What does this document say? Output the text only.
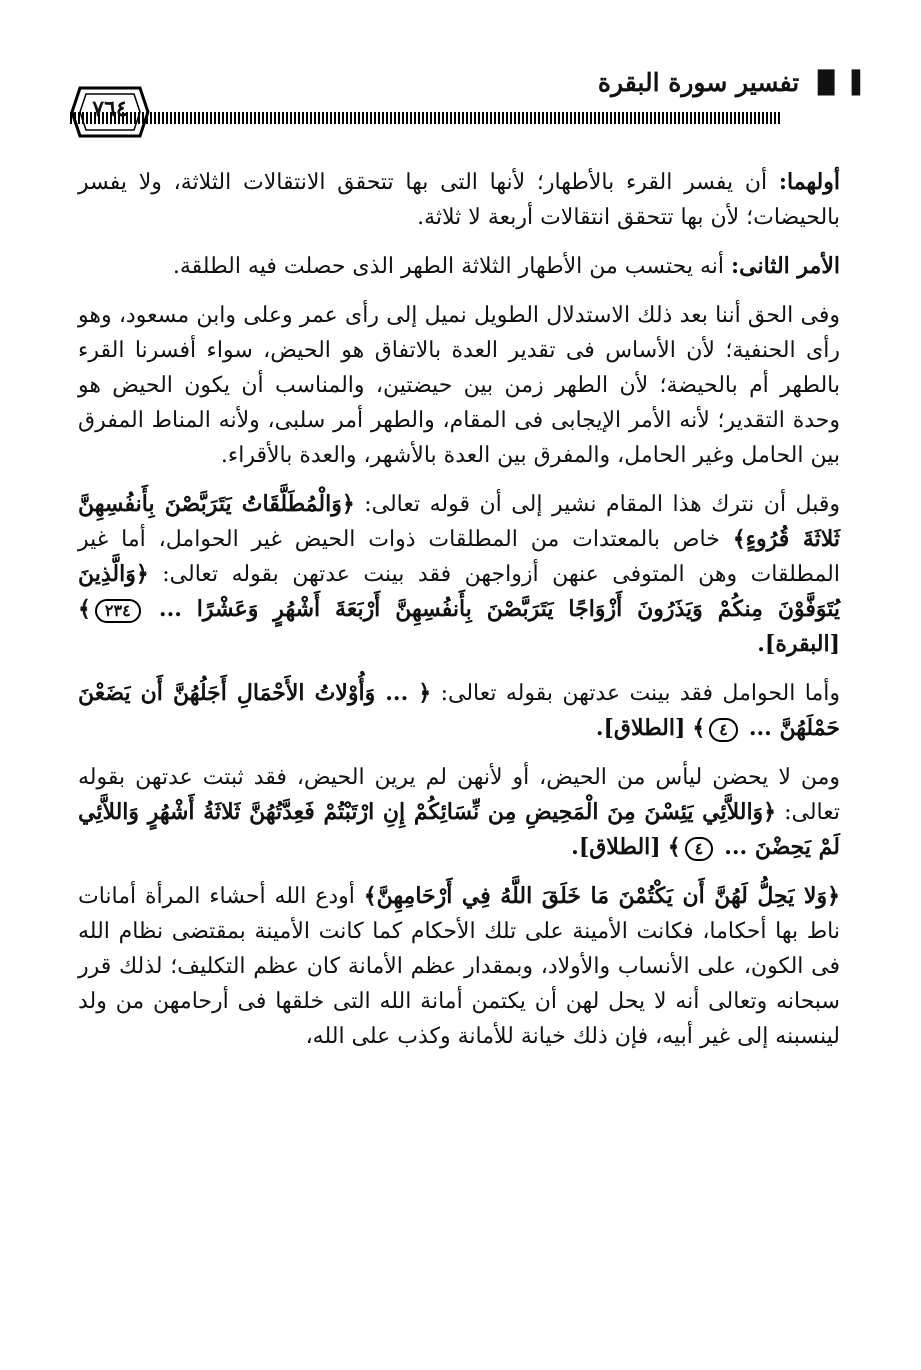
▐▌▐
تفسير سورة البقرة
٧٦٤

أولهما: أن يفسر القرء بالأطهار؛ لأنها التى بها تتحقق الانتقالات الثلاثة، ولا يفسر بالحيضات؛ لأن بها تتحقق انتقالات أربعة لا ثلاثة.

الأمر الثانى: أنه يحتسب من الأطهار الثلاثة الطهر الذى حصلت فيه الطلقة.

وفى الحق أننا بعد ذلك الاستدلال الطويل نميل إلى رأى عمر وعلى وابن مسعود، وهو رأى الحنفية؛ لأن الأساس فى تقدير العدة بالاتفاق هو الحيض، سواء أفسرنا القرء بالطهر أم بالحيضة؛ لأن الطهر زمن بين حيضتين، والمناسب أن يكون الحيض هو وحدة التقدير؛ لأنه الأمر الإيجابى فى المقام، والطهر أمر سلبى، ولأنه المناط المفرق بين الحامل وغير الحامل، والمفرق بين العدة بالأشهر، والعدة بالأقراء.

وقبل أن نترك هذا المقام نشير إلى أن قوله تعالى: ﴿وَالْمُطَلَّقَاتُ يَتَرَبَّصْنَ بِأَنفُسِهِنَّ ثَلاثَةَ قُرُوءٍ﴾ خاص بالمعتدات من المطلقات ذوات الحيض غير الحوامل، أما غير المطلقات وهن المتوفى عنهن أزواجهن فقد بينت عدتهن بقوله تعالى: ﴿وَالَّذِينَ يُتَوَفَّوْنَ مِنكُمْ وَيَذَرُونَ أَزْوَاجًا يَتَرَبَّصْنَ بِأَنفُسِهِنَّ أَرْبَعَةَ أَشْهُرٍ وَعَشْرًا ... ٢٣٤﴾ [البقرة].

وأما الحوامل فقد بينت عدتهن بقوله تعالى: ﴿ ... وَأُوْلاتُ الأَحْمَالِ أَجَلُهُنَّ أَن يَضَعْنَ حَمْلَهُنَّ ... ٤﴾ [الطلاق].

ومن لا يحضن ليأس من الحيض، أو لأنهن لم يرين الحيض، فقد ثبتت عدتهن بقوله تعالى: ﴿وَاللاَّئِي يَئِسْنَ مِنَ الْمَحِيضِ مِن نِّسَائِكُمْ إِنِ ارْتَبْتُمْ فَعِدَّتُهُنَّ ثَلاثَةُ أَشْهُرٍ وَاللاَّئِي لَمْ يَحِضْنَ ... ٤﴾ [الطلاق].

﴿وَلا يَحِلُّ لَهُنَّ أَن يَكْتُمْنَ مَا خَلَقَ اللَّهُ فِي أَرْحَامِهِنَّ﴾ أودع الله أحشاء المرأة أمانات ناط بها أحكاما، فكانت الأمينة على تلك الأحكام كما كانت الأمينة بمقتضى نظام الله فى الكون، على الأنساب والأولاد، وبمقدار عظم الأمانة كان عظم التكليف؛ لذلك قرر سبحانه وتعالى أنه لا يحل لهن أن يكتمن أمانة الله التى خلقها فى أرحامهن من ولد لينسبنه إلى غير أبيه، فإن ذلك خيانة للأمانة وكذب على الله،
